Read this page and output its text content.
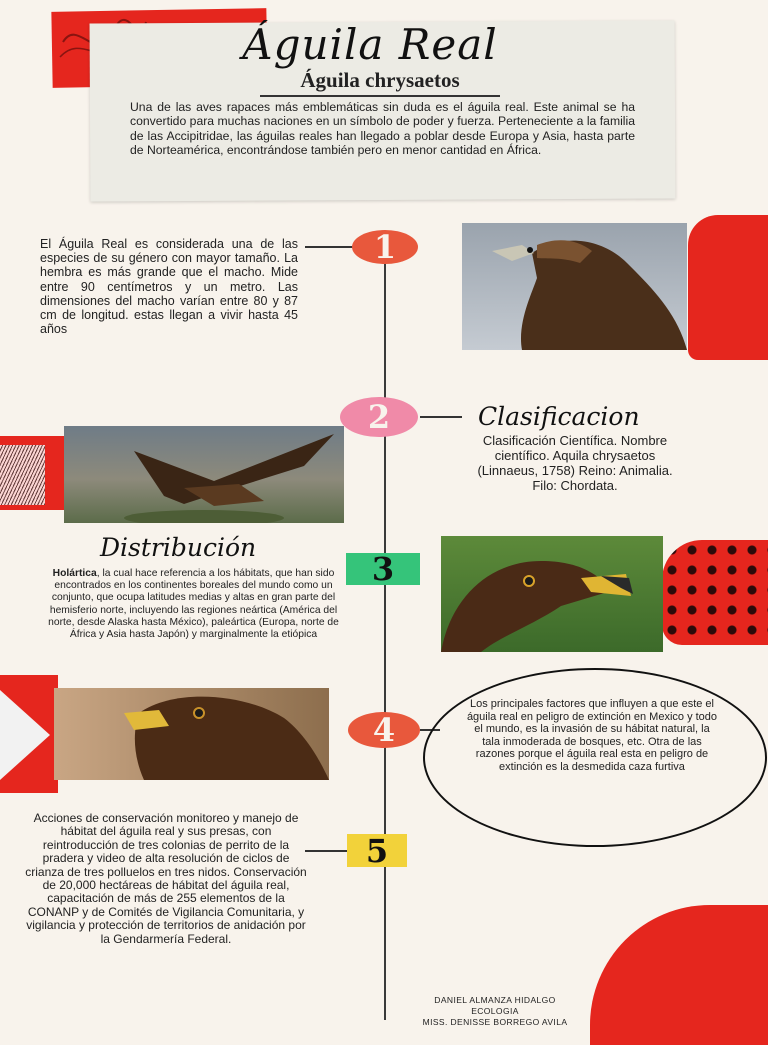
Águila Real
Águila chrysaetos
Una de las aves rapaces más emblemáticas sin duda es el águila real. Este animal se ha convertido para muchas naciones en un símbolo de poder y fuerza. Perteneciente a la familia de las Accipitridae, las águilas reales han llegado a poblar desde Europa y Asia, hasta parte de Norteamérica, encontrándose también pero en menor cantidad en África.
El Águila Real es considerada una de las especies de su género con mayor tamaño. La hembra es más grande que el macho. Mide entre 90 centímetros y un metro. Las dimensiones del macho varían entre 80 y 87 cm de longitud. estas llegan a vivir hasta 45 años
1
2	Clasificacion
Clasificación Científica. Nombre científico. Aquila chrysaetos (Linnaeus, 1758) Reino: Animalia. Filo: Chordata.
Distribución
Holártica, la cual hace referencia a los hábitats, que han sido encontrados en los continentes boreales del mundo como un conjunto, que ocupa latitudes medias y altas en gran parte del hemisferio norte, incluyendo las regiones neártica (América del norte, desde Alaska hasta México), paleártica (Europa, norte de África y Asia hasta Japón) y marginalmente la etiópica
3
4
Los principales factores que influyen a que este el águila real en peligro de extinción en Mexico y todo el mundo, es la invasión de su hábitat natural, la tala inmoderada de bosques, etc. Otra de las razones porque el águila real esta en peligro de extinción es la desmedida caza furtiva
5
Acciones de conservación monitoreo y manejo de hábitat del águila real y sus presas, con reintroducción de tres colonias de perrito de la pradera y video de alta resolución de ciclos de crianza de tres polluelos en tres nidos. Conservación de 20,000 hectáreas de hábitat del águila real, capacitación de más de 255 elementos de la CONANP y de Comités de Vigilancia Comunitaria, y vigilancia y protección de territorios de anidación por la Gendarmería Federal.
DANIEL ALMANZA HIDALGO
ECOLOGIA
MISS. DENISSE BORREGO AVILA
